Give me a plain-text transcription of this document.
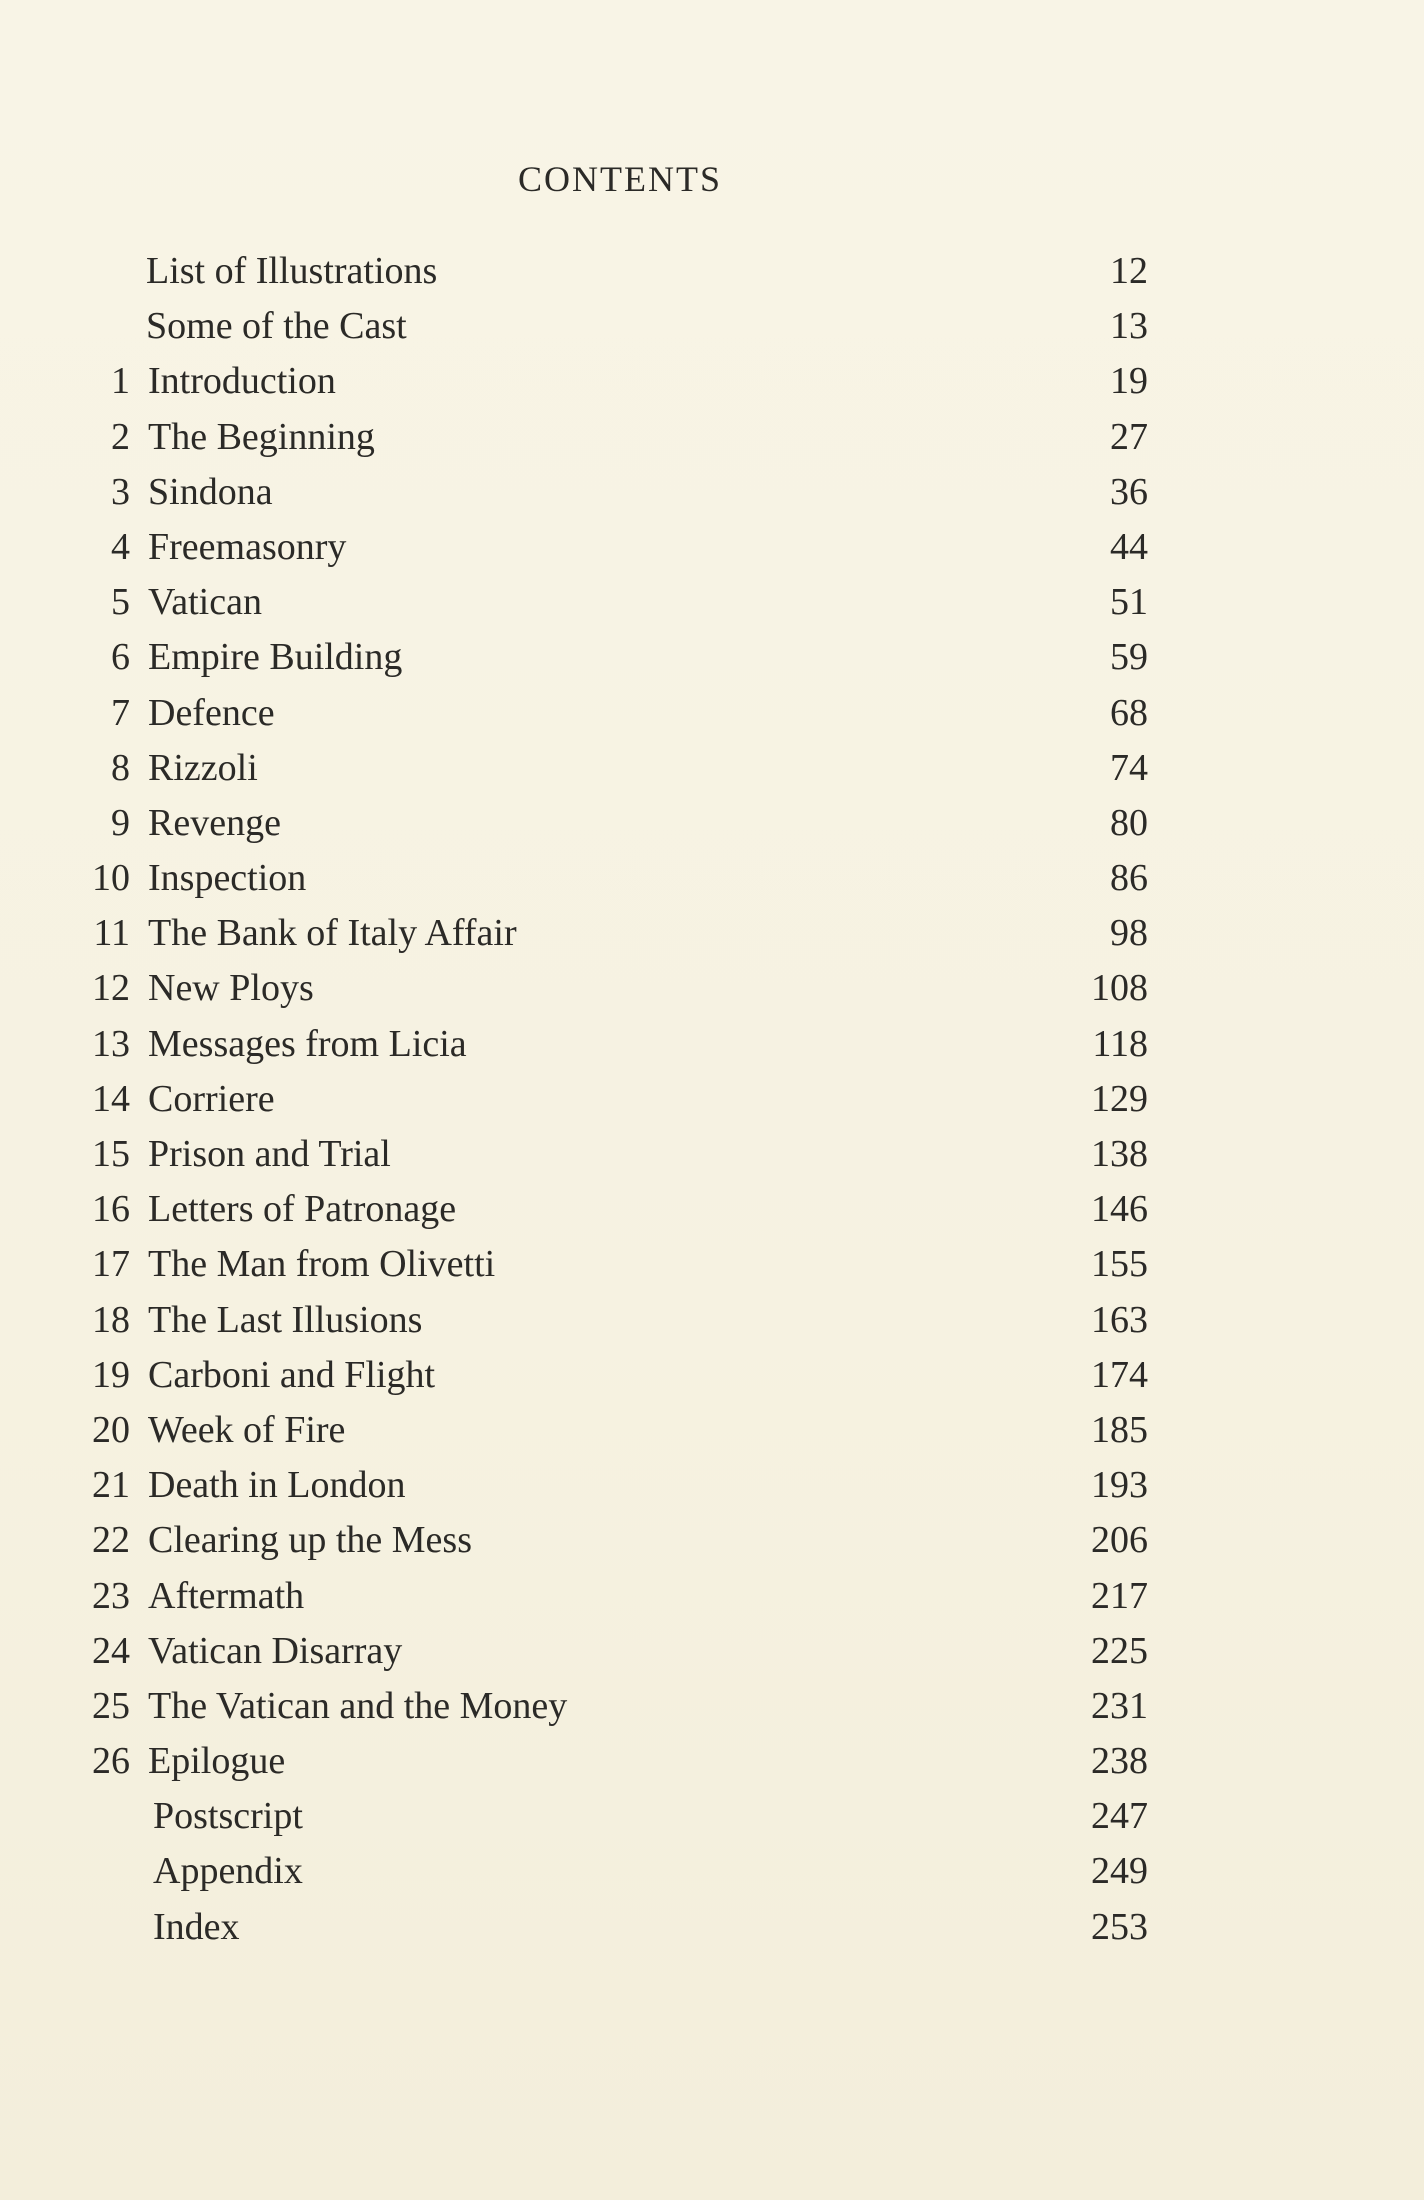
CONTENTS
List of Illustrations	12
Some of the Cast	13
1 Introduction	19
2 The Beginning	27
3 Sindona	36
4 Freemasonry	44
5 Vatican	51
6 Empire Building	59
7 Defence	68
8 Rizzoli	74
9 Revenge	80
10 Inspection	86
11 The Bank of Italy Affair	98
12 New Ploys	108
13 Messages from Licia	118
14 Corriere	129
15 Prison and Trial	138
16 Letters of Patronage	146
17 The Man from Olivetti	155
18 The Last Illusions	163
19 Carboni and Flight	174
20 Week of Fire	185
21 Death in London	193
22 Clearing up the Mess	206
23 Aftermath	217
24 Vatican Disarray	225
25 The Vatican and the Money	231
26 Epilogue	238
Postscript	247
Appendix	249
Index	253
